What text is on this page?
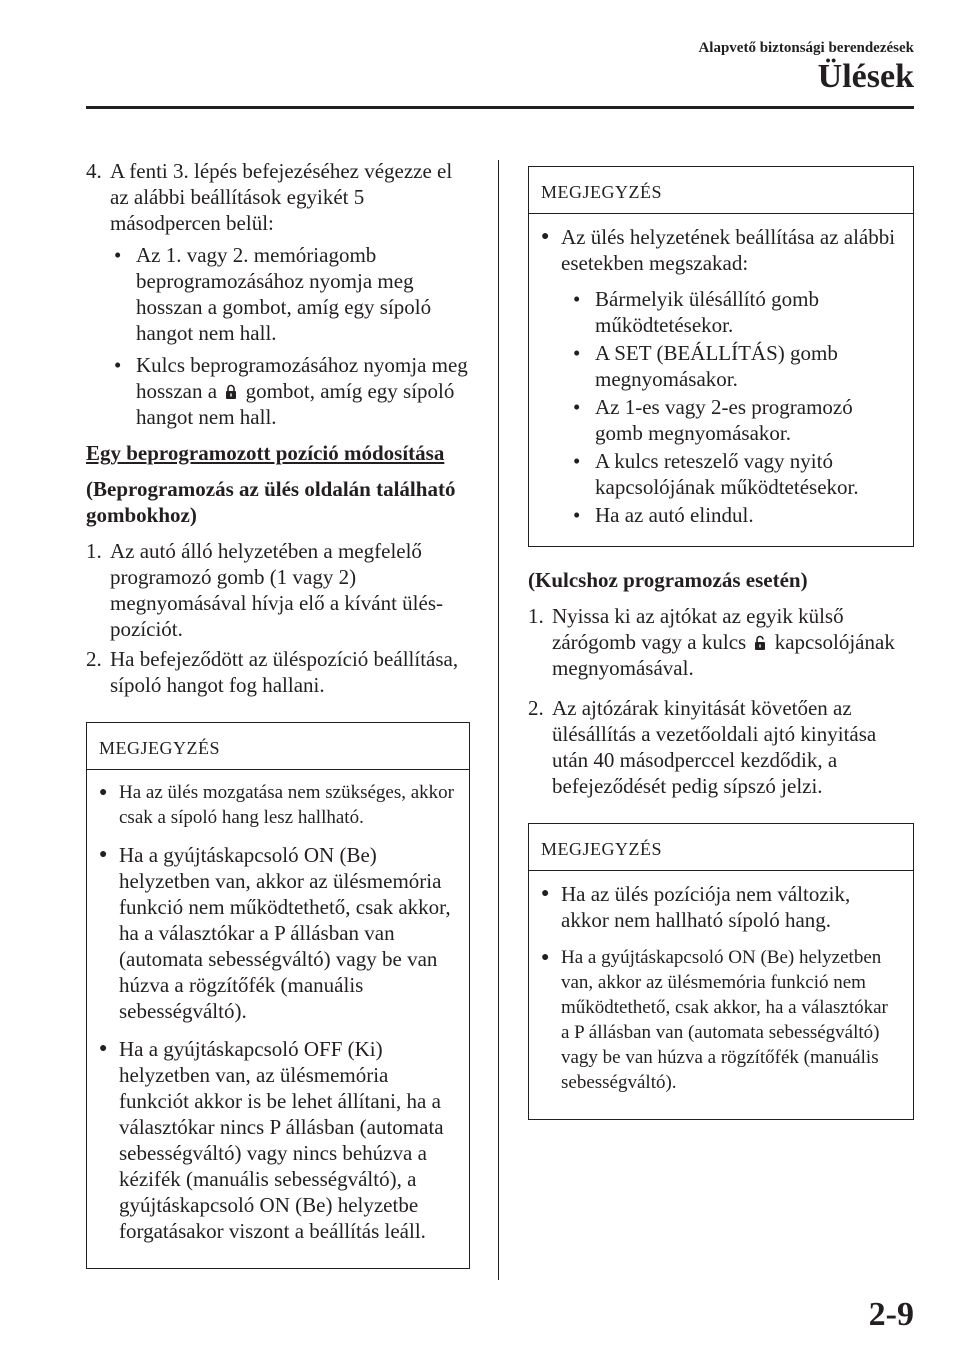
Alapvető biztonsági berendezések
Ülések
4. A fenti 3. lépés befejezéséhez végezze el az alábbi beállítások egyikét 5 másodpercen belül:
• Az 1. vagy 2. memóriagomb beprogramozásához nyomja meg hosszan a gombot, amíg egy sípoló hangot nem hall.
• Kulcs beprogramozásához nyomja meg hosszan a gombot, amíg egy sípoló hangot nem hall.
Egy beprogramozott pozíció módosítása
(Beprogramozás az ülés oldalán található gombokhoz)
1. Az autó álló helyzetében a megfelelő programozó gomb (1 vagy 2) megnyomásával hívja elő a kívánt üléspozíciót.
2. Ha befejeződött az üléspozíció beállítása, sípoló hangot fog hallani.
MEGJEGYZÉS
● Ha az ülés mozgatása nem szükséges, akkor csak a sípoló hang lesz hallható.
● Ha a gyújtáskapcsoló ON (Be) helyzetben van, akkor az ülésmemória funkció nem működtethető, csak akkor, ha a választókar a P állásban van (automata sebességváltó) vagy be van húzva a rögzítőfék (manuális sebességváltó).
● Ha a gyújtáskapcsoló OFF (Ki) helyzetben van, az ülésmemória funkciót akkor is be lehet állítani, ha a választókar nincs P állásban (automata sebességváltó) vagy nincs behúzva a kézifék (manuális sebességváltó), a gyújtáskapcsoló ON (Be) helyzetbe forgatásakor viszont a beállítás leáll.
MEGJEGYZÉS
● Az ülés helyzetének beállítása az alábbi esetekben megszakad:
• Bármelyik ülésállító gomb működtetésekor.
• A SET (BEÁLLÍTÁS) gomb megnyomásakor.
• Az 1-es vagy 2-es programozó gomb megnyomásakor.
• A kulcs reteszelő vagy nyitó kapcsolójának működtetésekor.
• Ha az autó elindul.
(Kulcshoz programozás esetén)
1. Nyissa ki az ajtókat az egyik külső zárógomb vagy a kulcs kapcsolójának megnyomásával.
2. Az ajtózárak kinyitását követően az ülésállítás a vezetőoldali ajtó kinyitása után 40 másodperccel kezdődik, a befejeződését pedig sípszó jelzi.
MEGJEGYZÉS
● Ha az ülés pozíciója nem változik, akkor nem hallható sípoló hang.
● Ha a gyújtáskapcsoló ON (Be) helyzetben van, akkor az ülésmemória funkció nem működtethető, csak akkor, ha a választókar a P állásban van (automata sebességváltó) vagy be van húzva a rögzítőfék (manuális sebességváltó).
2-9
